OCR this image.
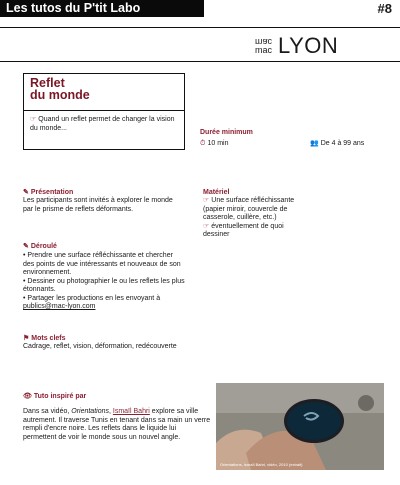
Les tutos du P'tit Labo	#8
mac
mac LYON
Reflet
du monde
☞ Quand un reflet permet de changer la vision du monde...
Durée minimum
⏱ 10 min	👥 De 4 à 99 ans
✎ Présentation
Les participants sont invités à explorer le monde par le prisme de reflets déformants.
Matériel
☞ Une surface réfléchissante (papier miroir, couvercle de casserole, cuillère, etc.)
☞ éventuellement de quoi dessiner
✎ Déroulé
• Prendre une surface réfléchissante et chercher des points de vue intéressants et nouveaux de son environnement.
• Dessiner ou photographier le ou les reflets les plus étonnants.
• Partager les productions en les envoyant à
publics@mac-lyon.com
⚑ Mots clefs
Cadrage, reflet, vision, déformation, redécouverte
👁 Tuto inspiré par
Dans sa vidéo, Orientations, Ismaïl Bahri explore sa ville autrement. Il traverse Tunis en tenant dans sa main un verre rempli d'encre noire. Les reflets dans le liquide lui permettent de voir le monde sous un nouvel angle.
Orientations, Ismaïl Bahri, vidéo, 2010 (extrait)
